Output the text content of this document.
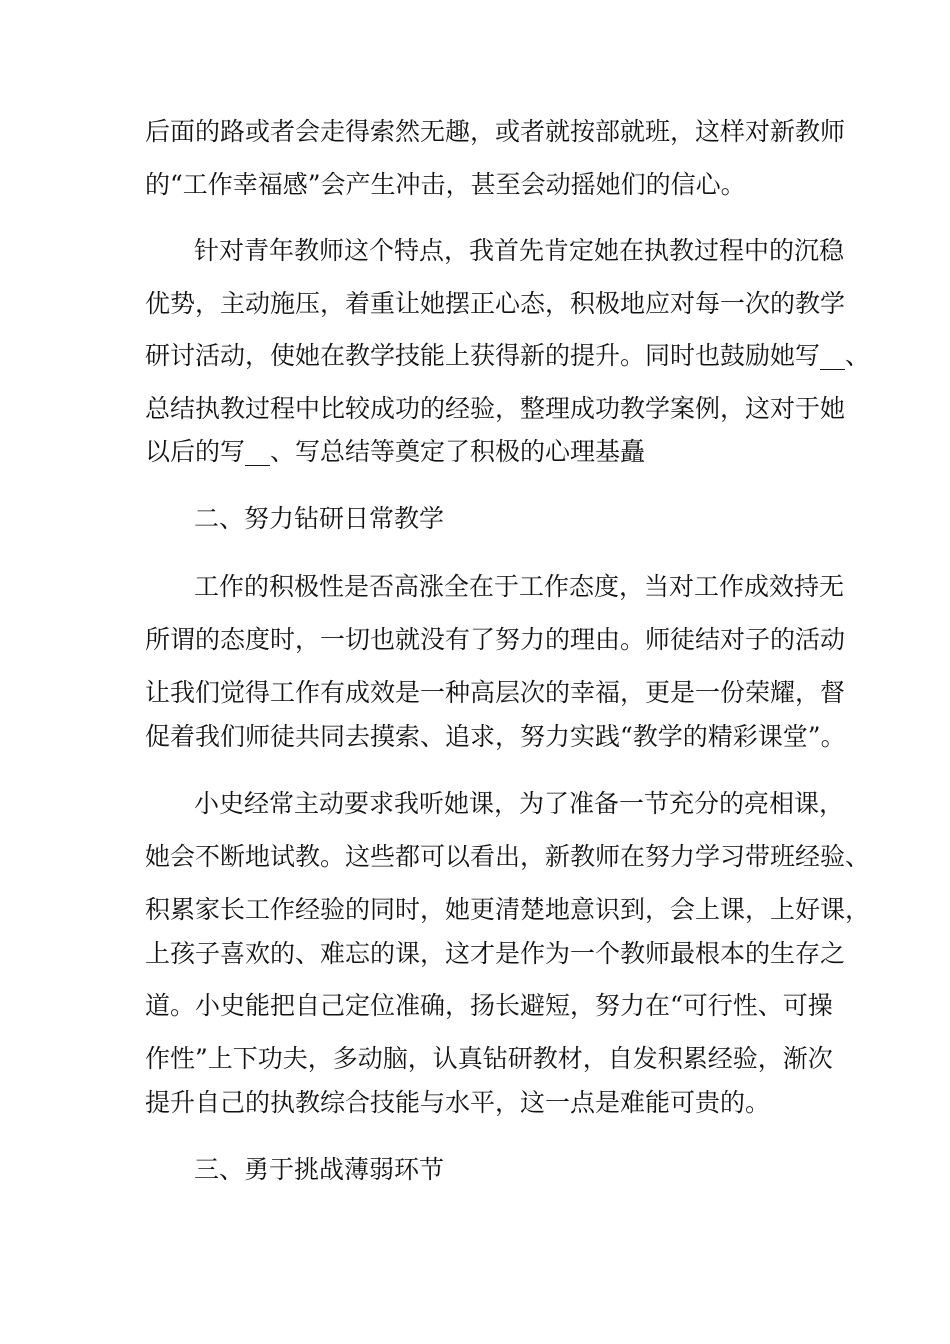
后面的路或者会走得索然无趣，或者就按部就班，这样对新教师
的“工作幸福感”会产生冲击，甚至会动摇她们的信心。
针对青年教师这个特点，我首先肯定她在执教过程中的沉稳
优势，主动施压，着重让她摆正心态，积极地应对每一次的教学
研讨活动，使她在教学技能上获得新的提升。同时也鼓励她写__、
总结执教过程中比较成功的经验，整理成功教学案例，这对于她
以后的写__、写总结等奠定了积极的心理基矗
二、努力钻研日常教学
工作的积极性是否高涨全在于工作态度，当对工作成效持无
所谓的态度时，一切也就没有了努力的理由。师徒结对子的活动
让我们觉得工作有成效是一种高层次的幸福，更是一份荣耀，督
促着我们师徒共同去摸索、追求，努力实践“教学的精彩课堂”。
小史经常主动要求我听她课，为了准备一节充分的亮相课，
她会不断地试教。这些都可以看出，新教师在努力学习带班经验、
积累家长工作经验的同时，她更清楚地意识到，会上课，上好课，
上孩子喜欢的、难忘的课，这才是作为一个教师最根本的生存之
道。小史能把自己定位准确，扬长避短，努力在“可行性、可操
作性”上下功夫，多动脑，认真钻研教材，自发积累经验，渐次
提升自己的执教综合技能与水平，这一点是难能可贵的。
三、勇于挑战薄弱环节
